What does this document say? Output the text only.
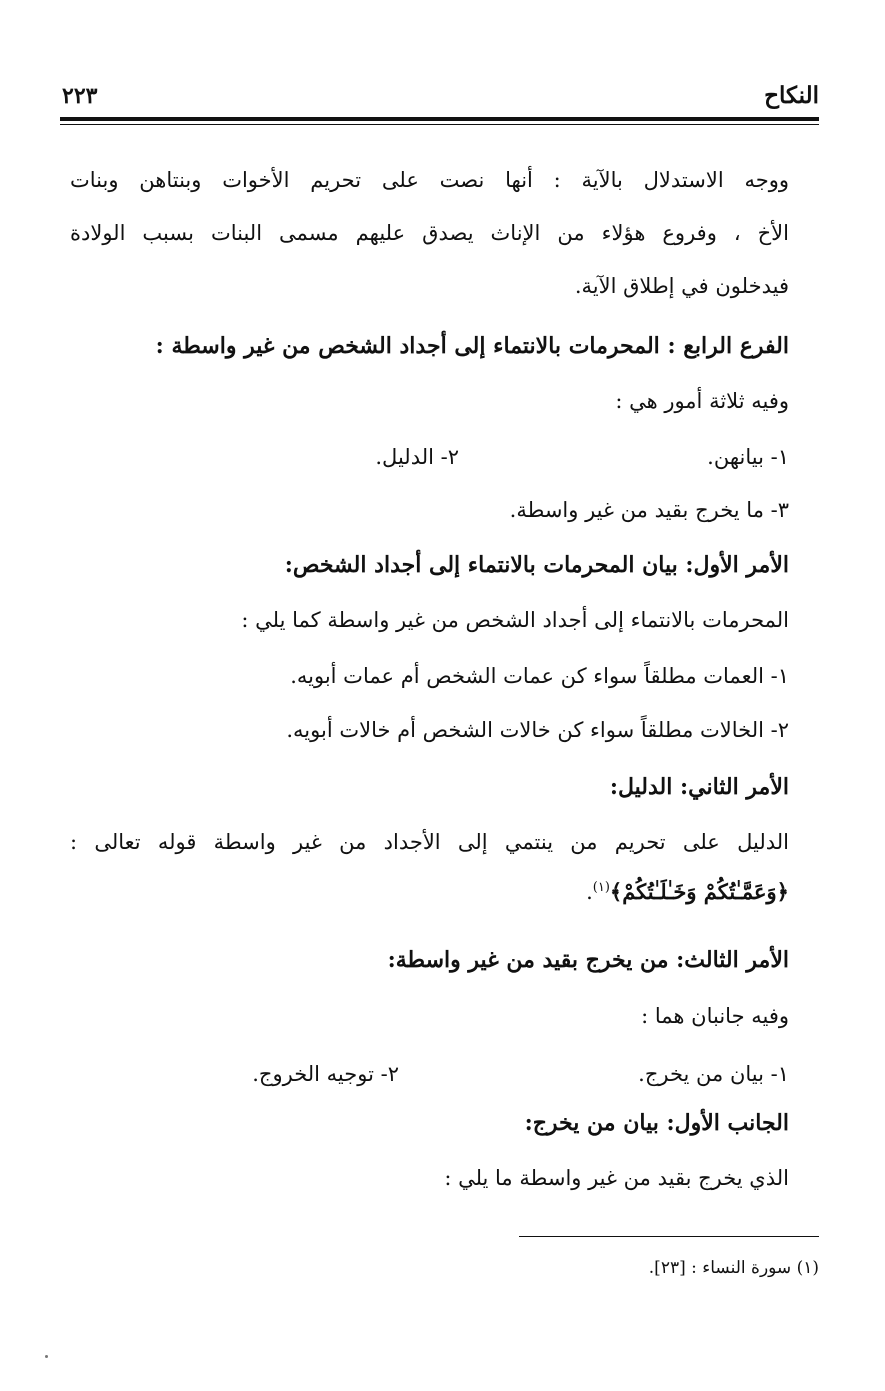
النكاح
٢٢٣
ووجه الاستدلال بالآية : أنها نصت على تحريم الأخوات وبنتاهن وبنات
الأخ ، وفروع هؤلاء من الإناث يصدق عليهم مسمى البنات بسبب الولادة
فيدخلون في إطلاق الآية.
الفرع الرابع : المحرمات بالانتماء إلى أجداد الشخص من غير واسطة :
وفيه ثلاثة أمور هي :
١- بيانهن.
٢- الدليل.
٣- ما يخرج بقيد من غير واسطة.
الأمر الأول: بيان المحرمات بالانتماء إلى أجداد الشخص:
المحرمات بالانتماء إلى أجداد الشخص من غير واسطة كما يلي :
١- العمات مطلقاً سواء كن عمات الشخص أم عمات أبويه.
٢- الخالات مطلقاً سواء كن خالات الشخص أم خالات أبويه.
الأمر الثاني: الدليل:
الدليل على تحريم من ينتمي إلى الأجداد من غير واسطة قوله تعالى :
﴿وَعَمَّـٰتُكُمْ وَخَـٰلَـٰتُكُمْ﴾$^{(١)}$.
الأمر الثالث: من يخرج بقيد من غير واسطة:
وفيه جانبان هما :
١- بيان من يخرج.
٢- توجيه الخروج.
الجانب الأول: بيان من يخرج:
الذي يخرج بقيد من غير واسطة ما يلي :
(١) سورة النساء : [٢٣].
